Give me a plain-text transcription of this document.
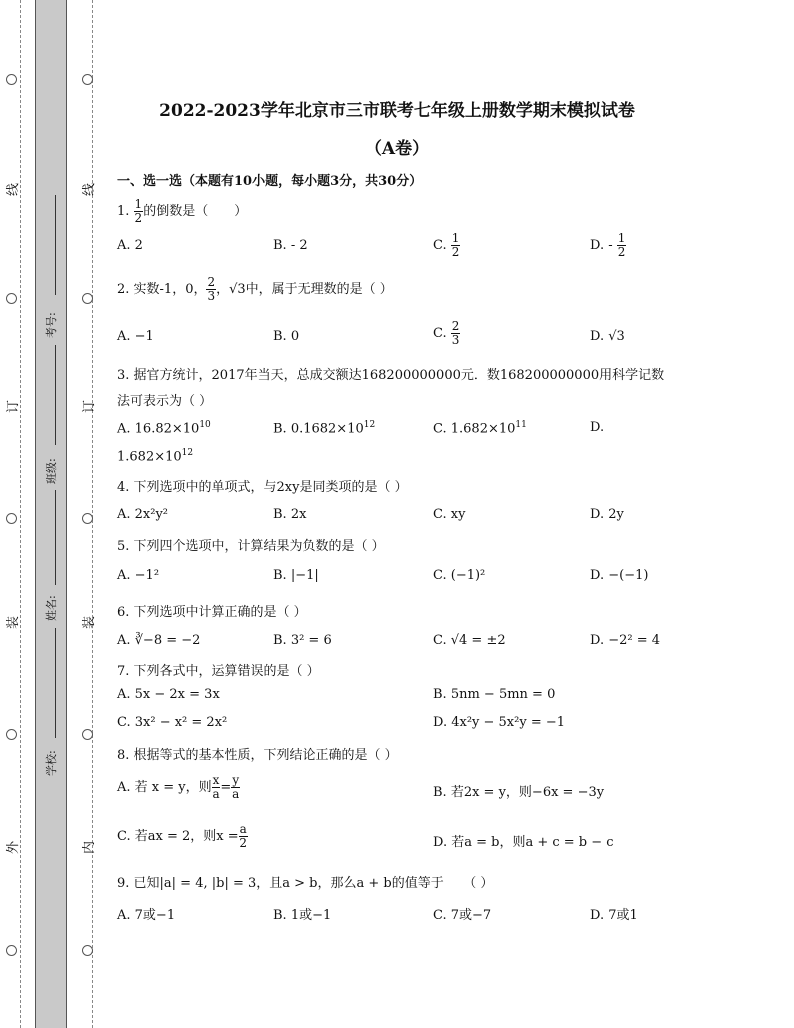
线
订
装
外
线
订
装
内
考号:
班级:
姓名:
学校:
2022-2023学年北京市三市联考七年级上册数学期末模拟试卷
（A卷）
一、选一选（本题有10小题，每小题3分，共30分）
1. $\frac{1}{2}$ 的倒数是（　　）
A. 2	B. - 2	C. $\frac{1}{2}$	D. - $\frac{1}{2}$
2. 实数-1，0， $\frac{2}{3}$ ，√3中，属于无理数的是（ ）
A. −1	B. 0	C. $\frac{2}{3}$	D. √3
3. 据官方统计，2017年当天，总成交额达168200000000元．数168200000000用科学记数
法可表示为（ ）
A. $16.82\times 10^{10}$	B. $0.1682\times 10^{12}$	C. $1.682\times 10^{11}$	D.
$1.682\times 10^{12}$
4. 下列选项中的单项式，与2xy是同类项的是（ ）
A. 2x²y²	B. 2x	C. xy	D. 2y
5. 下列四个选项中，计算结果为负数的是（ ）
A. −1²	B. |−1|	C. (−1)²	D. −(−1)
6. 下列选项中计算正确的是（ ）
A. ∛−8 = −2	B. 3² = 6	C. √4 = ±2	D. −2² = 4
7. 下列各式中，运算错误的是（ ）
A. 5x − 2x = 3x	B. 5nm − 5mn = 0
C. 3x² − x² = 2x²	D. 4x²y − 5x²y = −1
8. 根据等式的基本性质，下列结论正确的是（ ）
A. 若 x = y，则 $\frac{x}{a} = \frac{y}{a}$	B. 若2x = y，则−6x = −3y
C. 若ax = 2，则$x = \frac{a}{2}$	D. 若a = b，则a + c = b − c
9. 已知|a| = 4, |b| = 3，且a > b，那么a + b的值等于　　（ ）
A. 7或−1	B. 1或−1	C. 7或−7	D. 7或1
